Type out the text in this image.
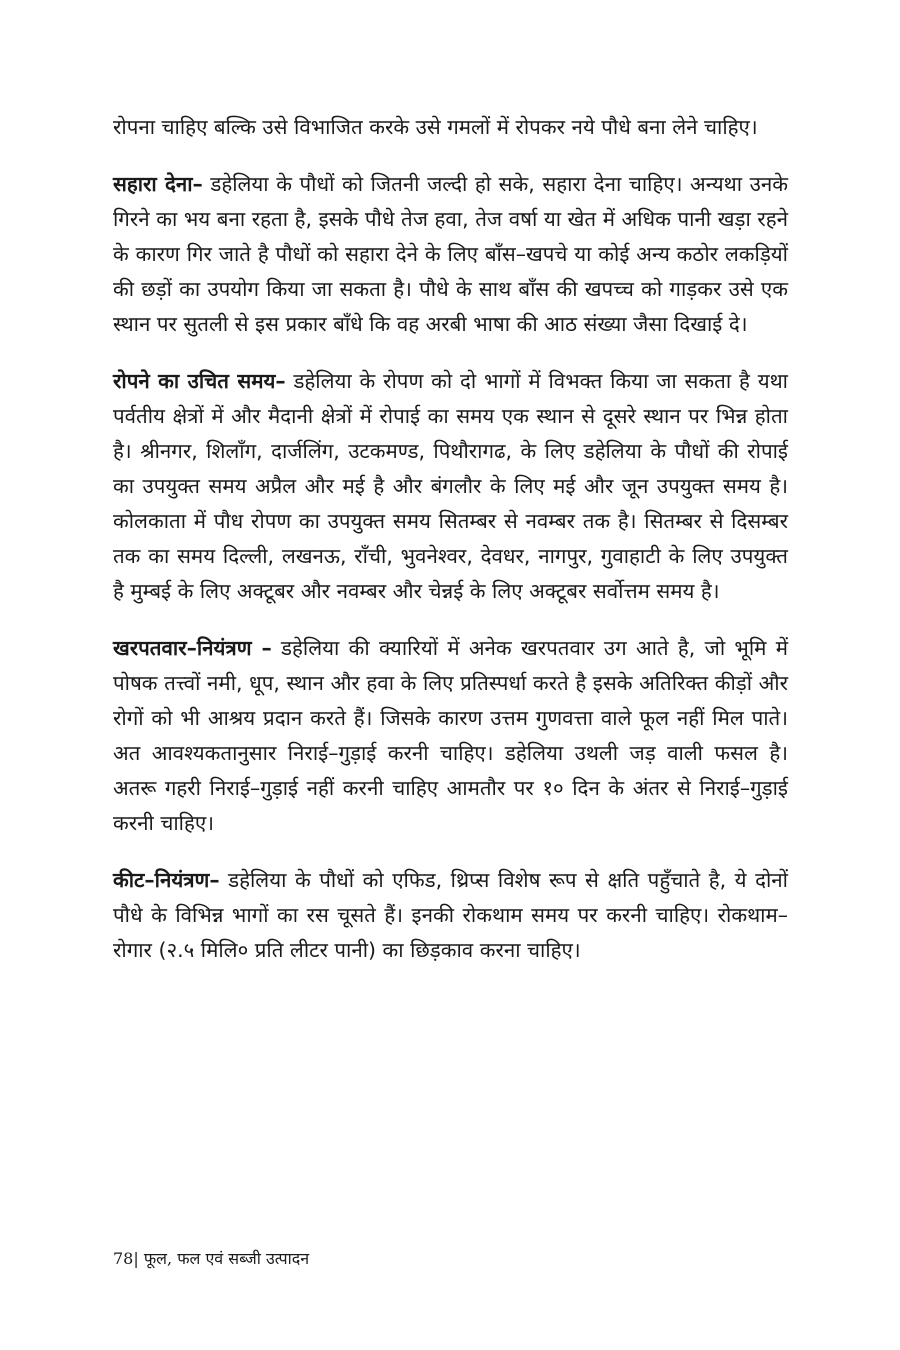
रोपना चाहिए बल्कि उसे विभाजित करके उसे गमलों में रोपकर नये पौधे बना लेने चाहिए।

सहारा देना– डहेलिया के पौधों को जितनी जल्दी हो सके, सहारा देना चाहिए। अन्यथा उनके गिरने का भय बना रहता है, इसके पौधे तेज हवा, तेज वर्षा या खेत में अधिक पानी खड़ा रहने के कारण गिर जाते है पौधों को सहारा देने के लिए बाँस–खपचे या कोई अन्य कठोर लकड़ियों की छड़ों का उपयोग किया जा सकता है। पौधे के साथ बाँस की खपच्च को गाड़कर उसे एक स्थान पर सुतली से इस प्रकार बाँधे कि वह अरबी भाषा की आठ संख्या जैसा दिखाई दे।

रोपने का उचित समय– डहेलिया के रोपण को दो भागों में विभक्त किया जा सकता है यथा पर्वतीय क्षेत्रों में और मैदानी क्षेत्रों में रोपाई का समय एक स्थान से दूसरे स्थान पर भिन्न होता है। श्रीनगर, शिलाँग, दार्जलिंग, उटकमण्ड, पिथौरागढ, के लिए डहेलिया के पौधों की रोपाई का उपयुक्त समय अप्रैल और मई है और बंगलौर के लिए मई और जून उपयुक्त समय है। कोलकाता में पौध रोपण का उपयुक्त समय सितम्बर से नवम्बर तक है। सितम्बर से दिसम्बर तक का समय दिल्ली, लखनऊ, राँची, भुवनेश्वर, देवधर, नागपुर, गुवाहाटी के लिए उपयुक्त है मुम्बई के लिए अक्टूबर और नवम्बर और चेन्नई के लिए अक्टूबर सर्वोत्तम समय है।

खरपतवार–नियंत्रण – डहेलिया की क्यारियों में अनेक खरपतवार उग आते है, जो भूमि में पोषक तत्त्वों नमी, धूप, स्थान और हवा के लिए प्रतिस्पर्धा करते है इसके अतिरिक्त कीड़ों और रोगों को भी आश्रय प्रदान करते हैं। जिसके कारण उत्तम गुणवत्ता वाले फूल नहीं मिल पाते। अत आवश्यकतानुसार निराई–गुड़ाई करनी चाहिए। डहेलिया उथली जड़ वाली फसल है। अतरू गहरी निराई–गुड़ाई नहीं करनी चाहिए आमतौर पर १० दिन के अंतर से निराई–गुड़ाई करनी चाहिए।

कीट–नियंत्रण– डहेलिया के पौधों को एफिड, थ्रिप्स विशेष रूप से क्षति पहुँचाते है, ये दोनों पौधे के विभिन्न भागों का रस चूसते हैं। इनकी रोकथाम समय पर करनी चाहिए। रोकथाम– रोगार (२.५ मिलि० प्रति लीटर पानी) का छिड़काव करना चाहिए।

78| फूल, फल एवं सब्जी उत्पादन
